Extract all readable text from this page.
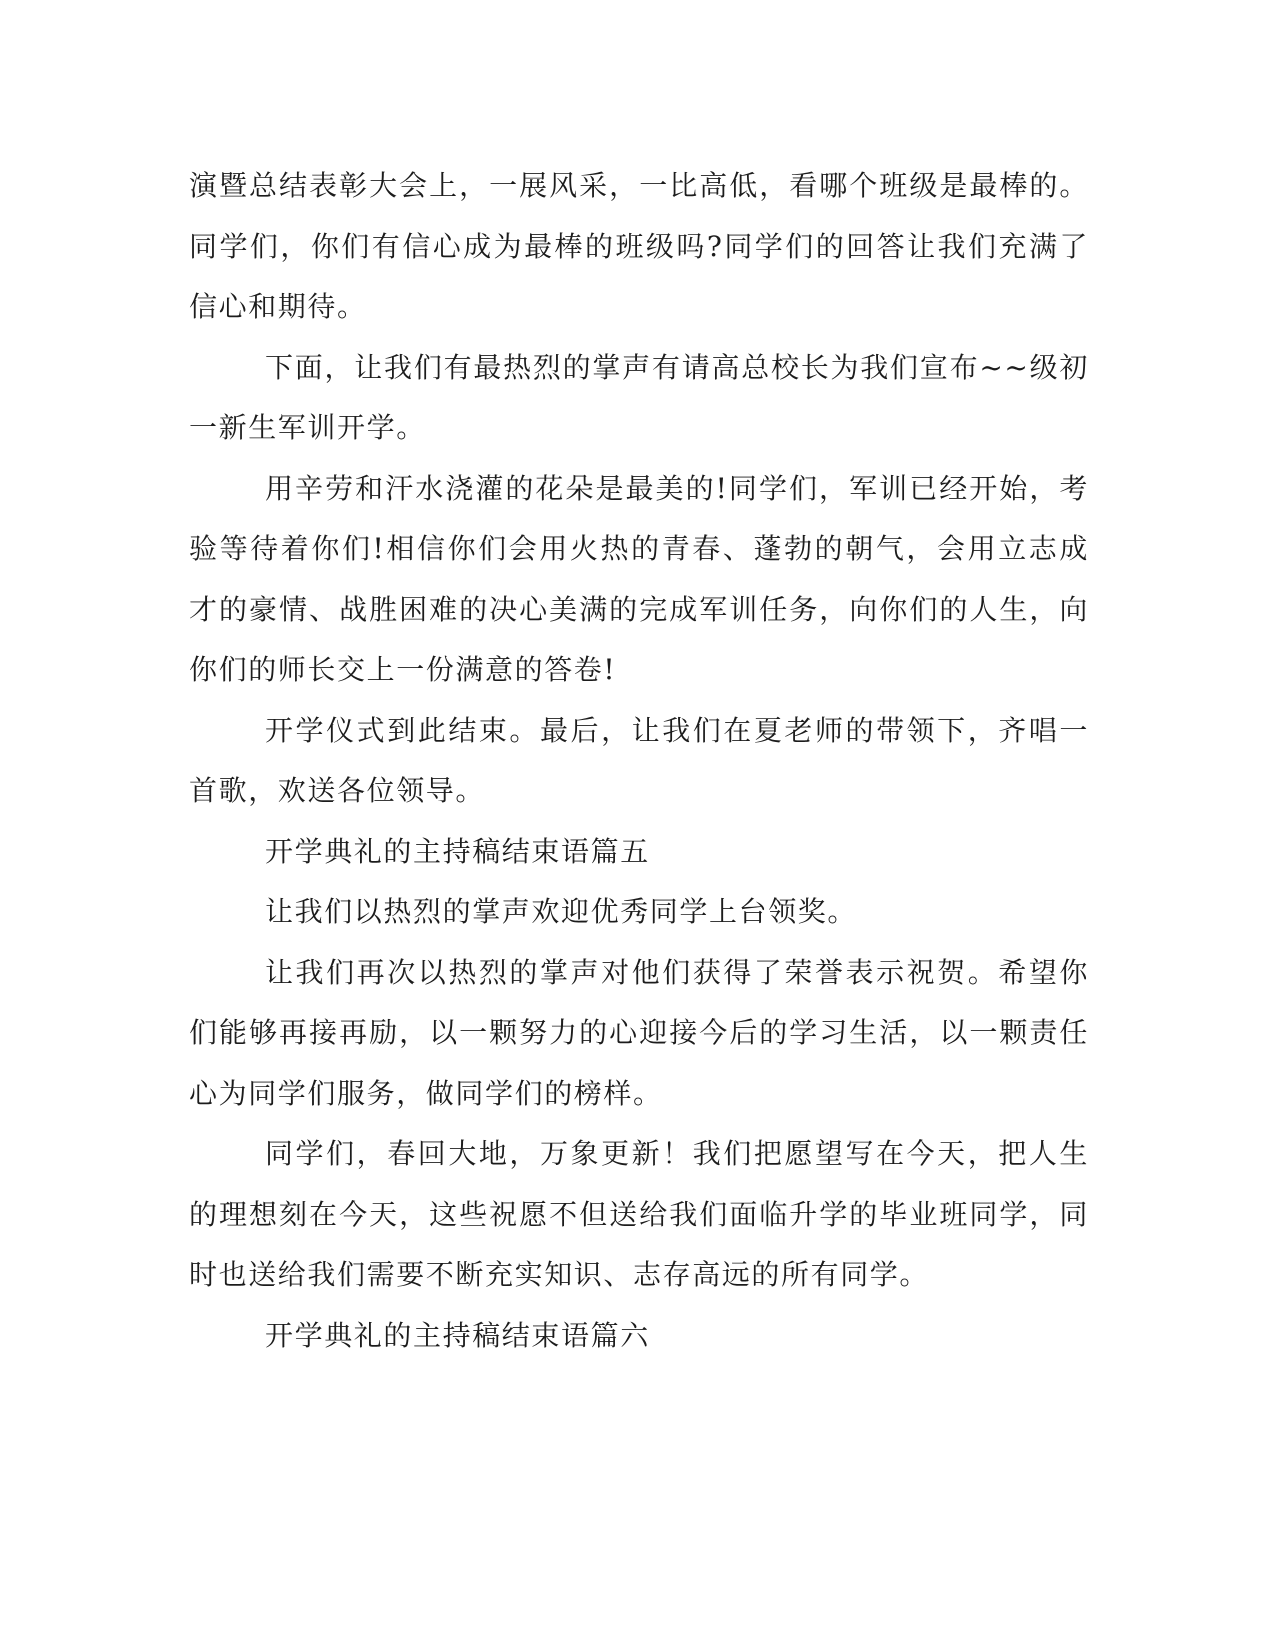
演暨总结表彰大会上，一展风采，一比高低，看哪个班级是最棒的。同学们，你们有信心成为最棒的班级吗?同学们的回答让我们充满了信心和期待。

下面，让我们有最热烈的掌声有请高总校长为我们宣布~~级初一新生军训开学。

用辛劳和汗水浇灌的花朵是最美的!同学们，军训已经开始，考验等待着你们!相信你们会用火热的青春、蓬勃的朝气，会用立志成才的豪情、战胜困难的决心美满的完成军训任务，向你们的人生，向你们的师长交上一份满意的答卷!

开学仪式到此结束。最后，让我们在夏老师的带领下，齐唱一首歌，欢送各位领导。

开学典礼的主持稿结束语篇五

让我们以热烈的掌声欢迎优秀同学上台领奖。

让我们再次以热烈的掌声对他们获得了荣誉表示祝贺。希望你们能够再接再励，以一颗努力的心迎接今后的学习生活，以一颗责任心为同学们服务，做同学们的榜样。

同学们，春回大地，万象更新！我们把愿望写在今天，把人生的理想刻在今天，这些祝愿不但送给我们面临升学的毕业班同学，同时也送给我们需要不断充实知识、志存高远的所有同学。

开学典礼的主持稿结束语篇六
